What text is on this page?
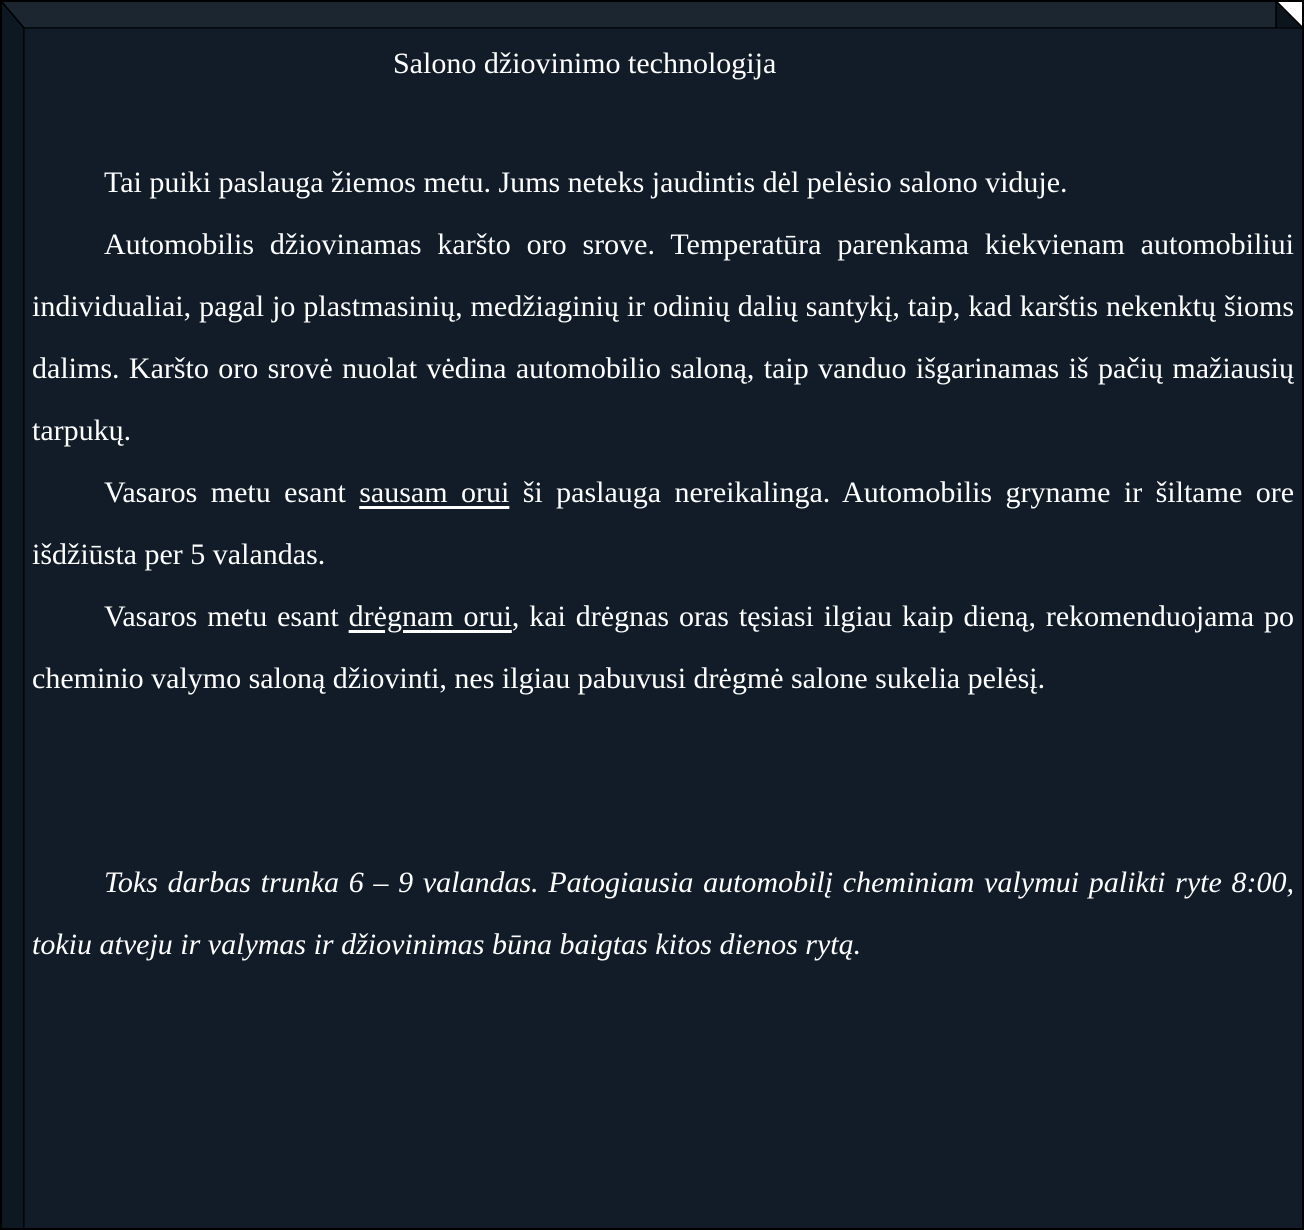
Salono džiovinimo technologija

Tai puiki paslauga žiemos metu. Jums neteks jaudintis dėl pelėsio salono viduje.

Automobilis džiovinamas karšto oro srove. Temperatūra parenkama kiekvienam automobiliui individualiai, pagal jo plastmasinių, medžiaginių ir odinių dalių santykį, taip, kad karštis nekenktų šioms dalims. Karšto oro srovė nuolat vėdina automobilio saloną, taip vanduo išgarinamas iš pačių mažiausių tarpukų.

Vasaros metu esant sausam orui ši paslauga nereikalinga. Automobilis gryname ir šiltame ore išdžiūsta per 5 valandas.

Vasaros metu esant drėgnam orui, kai drėgnas oras tęsiasi ilgiau kaip dieną, rekomenduojama po cheminio valymo saloną džiovinti, nes ilgiau pabuvusi drėgmė salone sukelia pelėsį.

Toks darbas trunka 6 – 9 valandas. Patogiausia automobilį cheminiam valymui palikti ryte 8:00, tokiu atveju ir valymas ir džiovinimas būna baigtas kitos dienos rytą.
